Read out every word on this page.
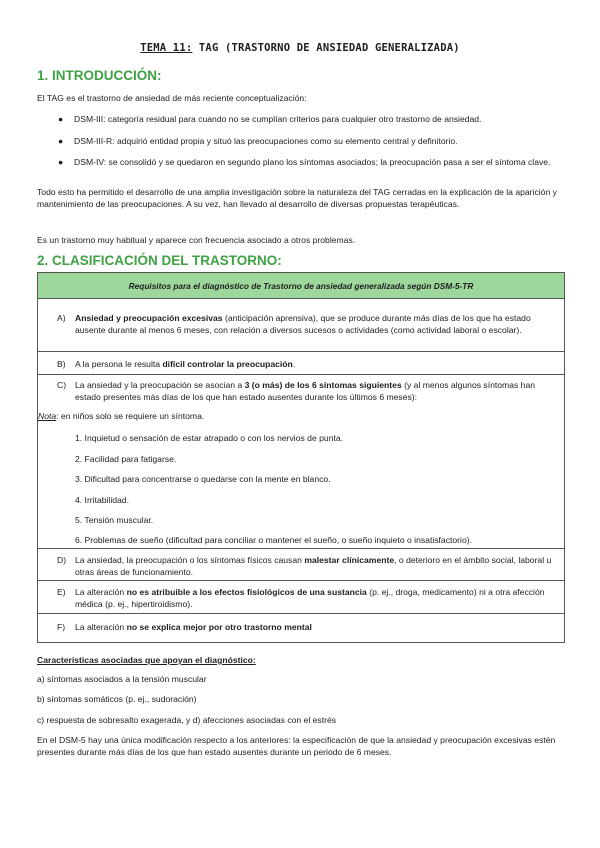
TEMA 11: TAG (TRASTORNO DE ANSIEDAD GENERALIZADA)
1. INTRODUCCIÓN:
El TAG es el trastorno de ansiedad de más reciente conceptualización:
● DSM-III: categoría residual para cuando no se cumplían criterios para cualquier otro trastorno de ansiedad.
● DSM-III-R: adquirió entidad propia y situó las preocupaciones como su elemento central y definitorio.
● DSM-IV: se consolidó y se quedaron en segundo plano los síntomas asociados; la preocupación pasa a ser el síntoma clave.
Todo esto ha permitido el desarrollo de una amplia investigación sobre la naturaleza del TAG cerradas en la explicación de la aparición y mantenimiento de las preocupaciones. A su vez, han llevado al desarrollo de diversas propuestas terapéuticas.
Es un trastorno muy habitual y aparece con frecuencia asociado a otros problemas.
2. CLASIFICACIÓN DEL TRASTORNO:
Requisitos para el diagnóstico de Trastorno de ansiedad generalizada según DSM-5-TR
A) Ansiedad y preocupación excesivas (anticipación aprensiva), que se produce durante más días de los que ha estado ausente durante al menos 6 meses, con relación a diversos sucesos o actividades (como actividad laboral o escolar).
B) A la persona le resulta difícil controlar la preocupación.
C) La ansiedad y la preocupación se asocian a 3 (o más) de los 6 síntomas siguientes (y al menos algunos síntomas han estado presentes más días de los que han estado ausentes durante los últimos 6 meses):
Nota: en niños solo se requiere un síntoma.
1. Inquietud o sensación de estar atrapado o con los nervios de punta.
2. Facilidad para fatigarse.
3. Dificultad para concentrarse o quedarse con la mente en blanco.
4. Irritabilidad.
5. Tensión muscular.
6. Problemas de sueño (dificultad para conciliar o mantener el sueño, o sueño inquieto o insatisfactorio).
D) La ansiedad, la preocupación o los síntomas físicos causan malestar clínicamente, o deterioro en el ámbito social, laboral u otras áreas de funcionamiento.
E) La alteración no es atribuible a los efectos fisiológicos de una sustancia (p. ej., droga, medicamento) ni a otra afección médica (p. ej., hipertiroidismo).
F) La alteración no se explica mejor por otro trastorno mental
Características asociadas que apoyan el diagnóstico:
a) síntomas asociados a la tensión muscular
b) síntomas somáticos (p. ej., sudoración)
c) respuesta de sobresalto exagerada, y d) afecciones asociadas con el estrés
En el DSM-5 hay una única modificación respecto a los anteriores: la especificación de que la ansiedad y preocupación excesivas estén presentes durante más días de los que han estado ausentes durante un periodo de 6 meses.
